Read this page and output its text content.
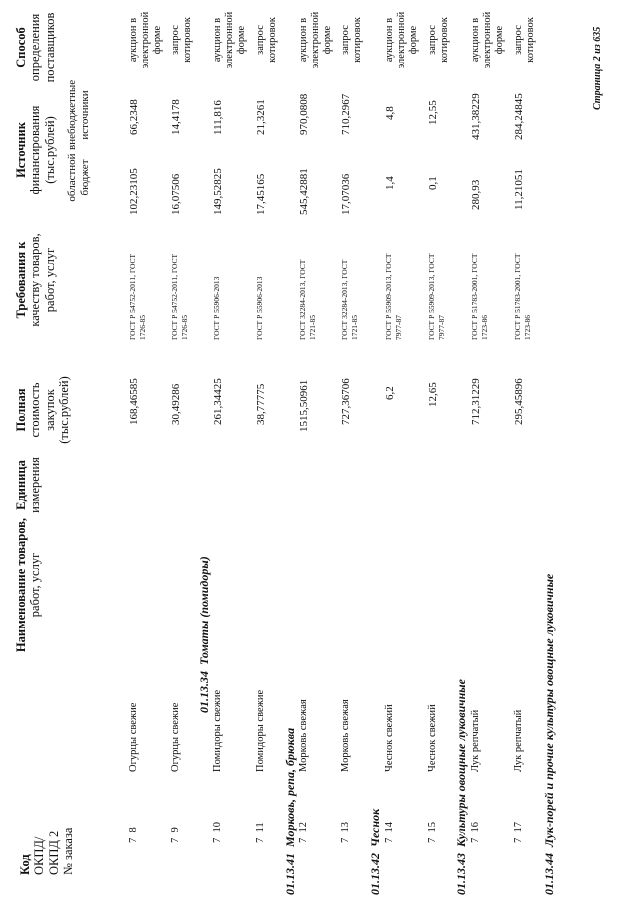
Код ОКПД/ ОКПД 2 № заказа
Наименование товаров, работ, услуг
Единица измерения
Полная стоимость закупок (тыс.рублей)
Требования к качеству товаров, работ, услуг
Источник финансирования (тыс.рублей) областной бюджет
внебюджетные источники
Способ определения поставщиков
01.13.34  Томаты (помидоры)
01.13.41  Морковь, репа, брюква
01.13.42  Чеснок
01.13.43  Культуры овощные луковичные
01.13.44  Лук-порей и прочие культуры овощные луковичные
7  8
Огурцы свежие
168,46585
ГОСТ Р 54752-2011, ГОСТ 1726-85
102,23105
66,2348
аукцион в электронной форме
7  9
Огурцы свежие
30,49286
ГОСТ Р 54752-2011, ГОСТ 1726-85
16,07506
14,4178
запрос котировок
7  10
Помидоры свежие
261,34425
ГОСТ Р 55906-2013
149,52825
111,816
аукцион в электронной форме
7  11
Помидоры свежие
38,77775
ГОСТ Р 55906-2013
17,45165
21,3261
запрос котировок
7  12
Морковь свежая
1515,50961
ГОСТ 32284-2013, ГОСТ 1721-85
545,42881
970,0808
аукцион в электронной форме
7  13
Морковь свежая
727,36706
ГОСТ 32284-2013, ГОСТ 1721-85
17,07036
710,2967
запрос котировок
7  14
Чеснок свежий
6,2
ГОСТ Р 55909-2013, ГОСТ 7977-87
1,4
4,8
аукцион в электронной форме
7  15
Чеснок свежий
12,65
ГОСТ Р 55909-2013, ГОСТ 7977-87
0,1
12,55
запрос котировок
7  16
Лук репчатый
712,31229
ГОСТ Р 51783-2001, ГОСТ 1723-86
280,93
431,38229
аукцион в электронной форме
7  17
Лук репчатый
295,45896
ГОСТ Р 51783-2001, ГОСТ 1723-86
11,21051
284,24845
запрос котировок	Страница 2 из 635
